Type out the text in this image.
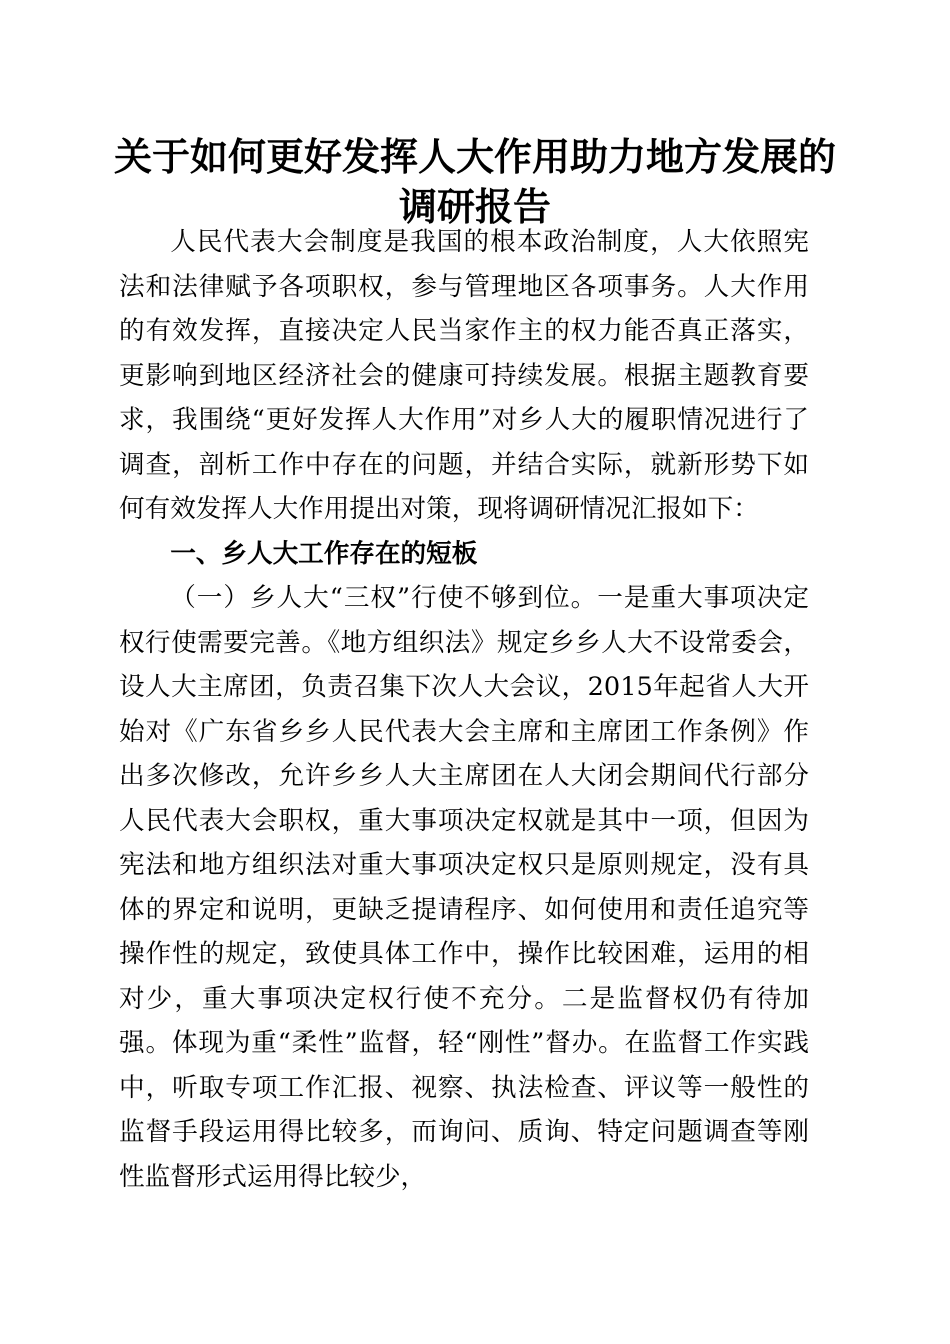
关于如何更好发挥人大作用助力地方发展的调研报告

人民代表大会制度是我国的根本政治制度，人大依照宪法和法律赋予各项职权，参与管理地区各项事务。人大作用的有效发挥，直接决定人民当家作主的权力能否真正落实，更影响到地区经济社会的健康可持续发展。根据主题教育要求，我围绕“更好发挥人大作用”对乡人大的履职情况进行了调查，剖析工作中存在的问题，并结合实际，就新形势下如何有效发挥人大作用提出对策，现将调研情况汇报如下：

一、乡人大工作存在的短板

（一）乡人大“三权”行使不够到位。一是重大事项决定权行使需要完善。《地方组织法》规定乡乡人大不设常委会，设人大主席团，负责召集下次人大会议，2015年起省人大开始对《广东省乡乡人民代表大会主席和主席团工作条例》作出多次修改，允许乡乡人大主席团在人大闭会期间代行部分人民代表大会职权，重大事项决定权就是其中一项，但因为宪法和地方组织法对重大事项决定权只是原则规定，没有具体的界定和说明，更缺乏提请程序、如何使用和责任追究等操作性的规定，致使具体工作中，操作比较困难，运用的相对少，重大事项决定权行使不充分。二是监督权仍有待加强。体现为重“柔性”监督，轻“刚性”督办。在监督工作实践中，听取专项工作汇报、视察、执法检查、评议等一般性的监督手段运用得比较多，而询问、质询、特定问题调查等刚性监督形式运用得比较少，
